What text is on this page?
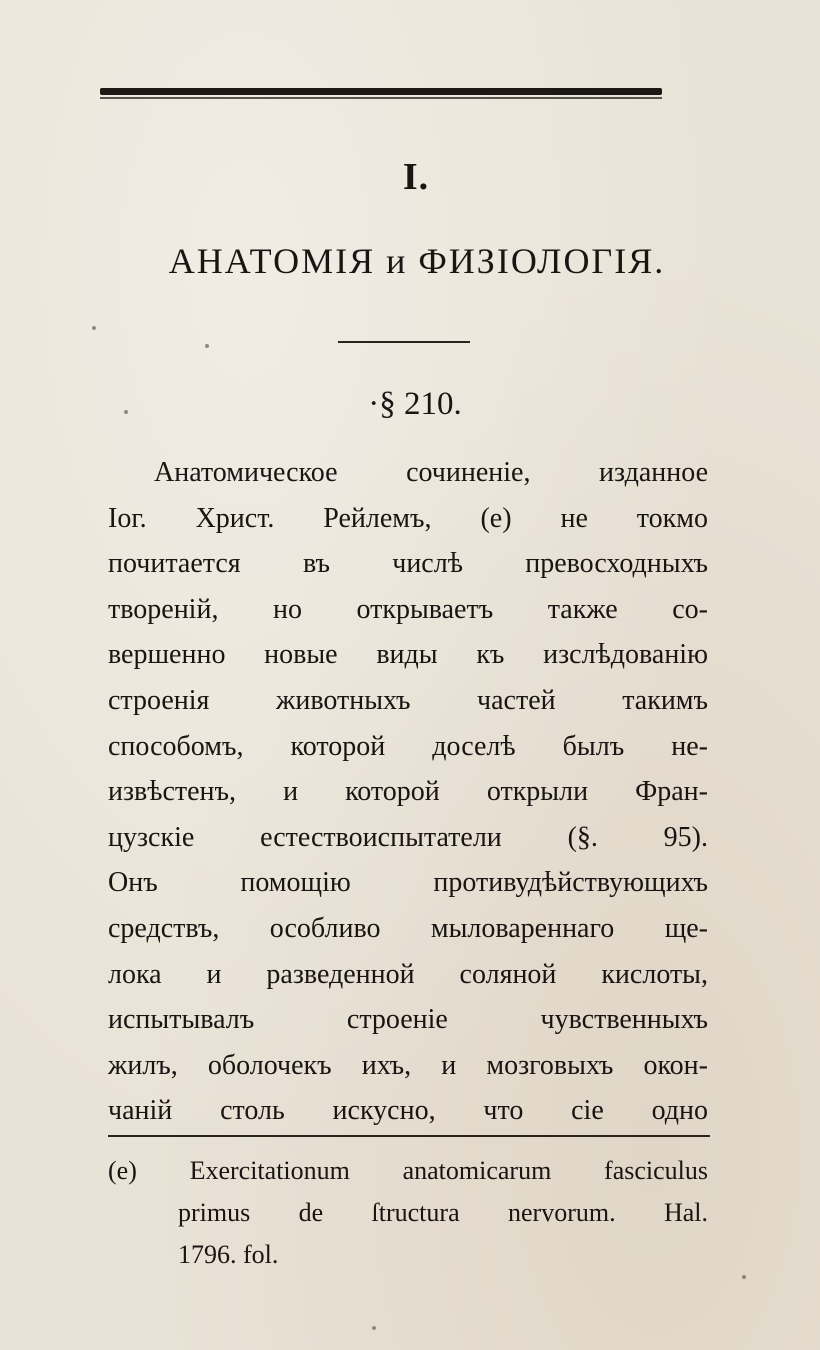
I.
АНАТОМІЯ и ФИЗІОЛОГІЯ.
·§ 210.
Анатомическое сочиненіе, изданное
Іог. Христ. Рейлемъ, (e) не токмо
почитается въ числѣ превосходныхъ
твореній, но открываетъ также со-
вершенно новые виды къ изслѣдованію
строенія животныхъ частей такимъ
способомъ, которой доселѣ былъ не-
извѣстенъ, и которой открыли Фран-
цузскіе естествоиспытатели (§. 95).
Онъ помощію противудѣйствующихъ
средствъ, особливо мыловареннаго ще-
лока и разведенной соляной кислоты,
испытывалъ строеніе чувственныхъ
жилъ, оболочекъ ихъ, и мозговыхъ окон-
чаній столь искусно, что сіе одно
(e) Exercitationum anatomicarum fasciculus
primus de ſtructura nervorum. Hal.
1796. fol.
